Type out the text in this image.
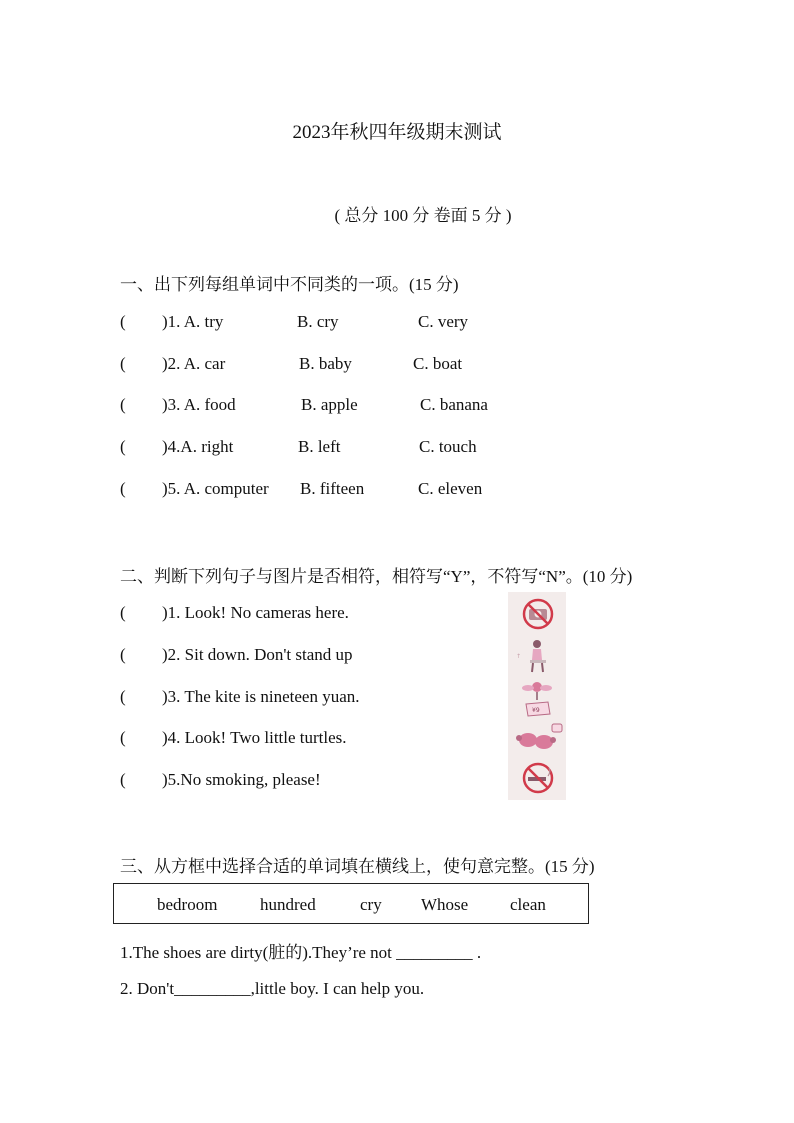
2023年秋四年级期末测试
( 总分 100 分 卷面 5 分 )
一、出下列每组单词中不同类的一项。(15 分)
( )1. A. try	B. cry	C. very
( )2. A. car	B. baby	C. boat
( )3. A. food	B. apple	C. banana
( )4.A. right	B. left	C. touch
( )5. A. computer B. fifteen	C. eleven
二、判断下列句子与图片是否相符，相符写“Y”，不符写“N”。(10 分)
( )1. Look! No cameras here.
( )2. Sit down. Don't stand up
( )3. The kite is nineteen yuan.
( )4. Look! Two little turtles.
( )5.No smoking, please!
↑
¥9
三、从方框中选择合适的单词填在横线上，使句意完整。(15 分)
bedroom	hundred	cry Whose clean
1.The shoes are dirty(脏的).They’re not _________ .
2. Don't_________,little boy. I can help you.
